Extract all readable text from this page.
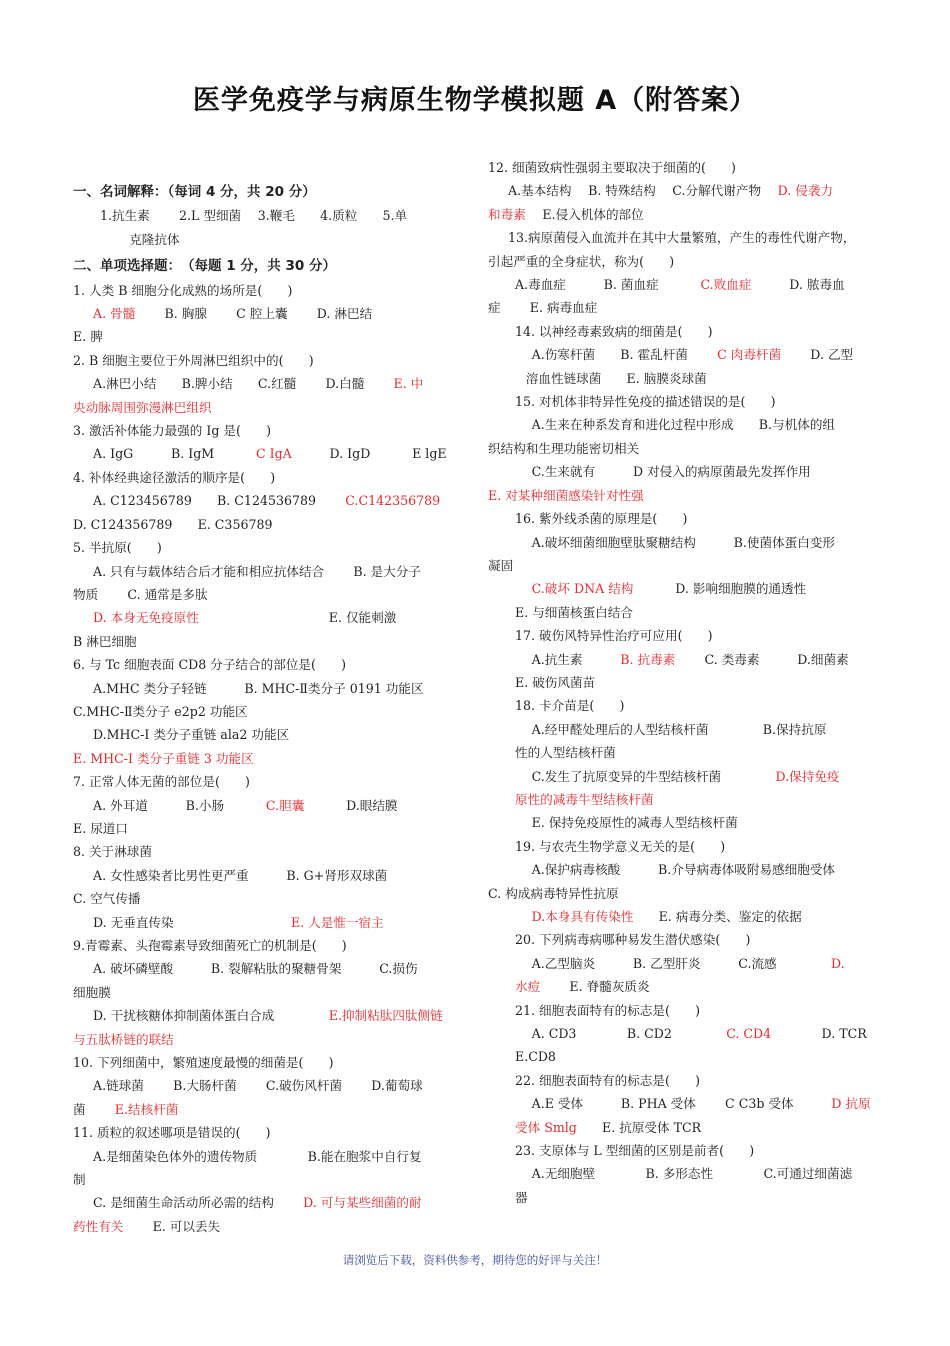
医学免疫学与病原生物学模拟题 A（附答案）
一、名词解释：（每词 4 分，共 20 分）
1.抗生素　　 2.L 型细菌　 3.鞭毛　　4.质粒　　5.单
　　 克隆抗体
二、单项选择题：　（每题 1 分，共 30 分）
1. 人类 B 细胞分化成熟的场所是(　　)
A. 骨髓　　 B. 胸腺　　 C 腔上囊　　 D. 淋巴结
E. 脾
2. B 细胞主要位于外周淋巴组织中的(　　)
A.淋巴小结　　B.脾小结　　C.红髓　　 D.白髓　　 E. 中
央动脉周围弥漫淋巴组织
3. 激活补体能力最强的 Ig 是(　　)
A. IgG　　　B. IgM　　　 C IgA　　　D. IgD　　　 E lgE
4. 补体经典途径激活的顺序是(　　)
A. C123456789　　B. C124536789　　 C.C142356789
D. C124356789　　E. C356789
5. 半抗原(　　)
A. 只有与载体结合后才能和相应抗体结合　　 B. 是大分子
物质　　 C. 通常是多肽
D. 本身无免疫原性　　　　　　　　　　 E. 仅能刺激
B 淋巴细胞
6. 与 Tc 细胞表面 CD8 分子结合的部位是(　　)
A.MHC 类分子轻链　　　B. MHC-Ⅱ类分子 0191 功能区
C.MHC-Ⅱ类分子 e2p2 功能区
D.MHC-I 类分子重链 ala2 功能区
E. MHC-I 类分子重链 3 功能区
7. 正常人体无菌的部位是(　　)
A. 外耳道　　　B.小肠　　　 C.胆囊　　　 D.眼结膜
E. 尿道口
8. 关于淋球菌
A. 女性感染者比男性更严重　　　B. G+肾形双球菌
C. 空气传播
D. 无垂直传染　　　　　　　　　 E. 人是惟一宿主
9.青霉素、头孢霉素导致细菌死亡的机制是(　　)
A. 破坏磷壁酸　　　B. 裂解粘肽的聚糖骨架　　　C.损伤
细胞膜
D. 干扰核糖体抑制菌体蛋白合成　　　　 E.抑制粘肽四肽侧链
与五肽桥链的联结
10. 下列细菌中，繁殖速度最慢的细菌是(　　)
A.链球菌　　 B.大肠杆菌　　 C.破伤风杆菌　　 D.葡萄球
菌　　 E.结核杆菌
11. 质粒的叙述哪项是错误的(　　)
A.是细菌染色体外的遗传物质　　　　B.能在胞浆中自行复
制
C. 是细菌生命活动所必需的结构　　 D. 可与某些细菌的耐
药性有关　　 E. 可以丢失
12. 细菌致病性强弱主要取决于细菌的(　　)
A.基本结构　 B. 特殊结构　 C.分解代谢产物　 D. 侵袭力
和毒素　 E.侵入机体的部位
13.病原菌侵入血流并在其中大量繁殖，产生的毒性代谢产物，
引起严重的全身症状，称为(　　)
A.毒血症　　　B. 菌血症　　　 C.败血症　　　D. 脓毒血
症　　 E. 病毒血症
14. 以神经毒素致病的细菌是(　　)
　 A.伤寒杆菌　　B. 霍乱杆菌　　 C 肉毒杆菌　　 D. 乙型
　　　溶血性链球菌　　E. 脑膜炎球菌
15. 对机体非特异性免疫的描述错误的是(　　)
　 A.生来在种系发育和进化过程中形成　　B.与机体的组
织结构和生理功能密切相关
　 C.生来就有　　　D 对侵入的病原菌最先发挥作用
E. 对某种细菌感染针对性强
16. 紫外线杀菌的原理是(　　)
　 A.破坏细菌细胞壁肽聚糖结构　　　B.使菌体蛋白变形
凝固
　 C.破坏 DNA 结构　　　 D. 影响细胞膜的通透性
E. 与细菌核蛋白结合
17. 破伤风特异性治疗可应用(　　)
　 A.抗生素　　　B. 抗毒素　　 C. 类毒素　　　D.细菌素
E. 破伤风菌苗
18. 卡介苗是(　　)
　 A.经甲醛处理后的人型结核杆菌　　　　 B.保持抗原
性的人型结核杆菌
　 C.发生了抗原变异的牛型结核杆菌　　　　 D.保持免疫
原性的减毒牛型结核杆菌
　 E. 保持免疫原性的减毒人型结核杆菌
19. 与农壳生物学意义无关的是(　　)
　 A.保护病毒核酸　　　B.介导病毒体吸附易感细胞受体
C. 构成病毒特异性抗原
　 D.本身具有传染性　　E. 病毒分类、鉴定的依据
20. 下列病毒病哪种易发生潜伏感染(　　)
　 A.乙型脑炎　　　B. 乙型肝炎　　　C.流感　　　　 D.
水痘　　 E. 脊髓灰质炎
21. 细胞表面特有的标志是(　　)
　 A. CD3　　　　B. CD2　　　　 C. CD4　　　　D. TCR
E.CD8
22. 细胞表面特有的标志是(　　)
　 A.E 受体　　　B. PHA 受体　　 C C3b 受体　　　D 抗原
受体 Smlg　　E. 抗原受体 TCR
23. 支原体与 L 型细菌的区别是前者(　　)
　 A.无细胞壁　　　　B. 多形态性　　　　C.可通过细菌滤
器
请浏览后下载，资料供参考，期待您的好评与关注！
